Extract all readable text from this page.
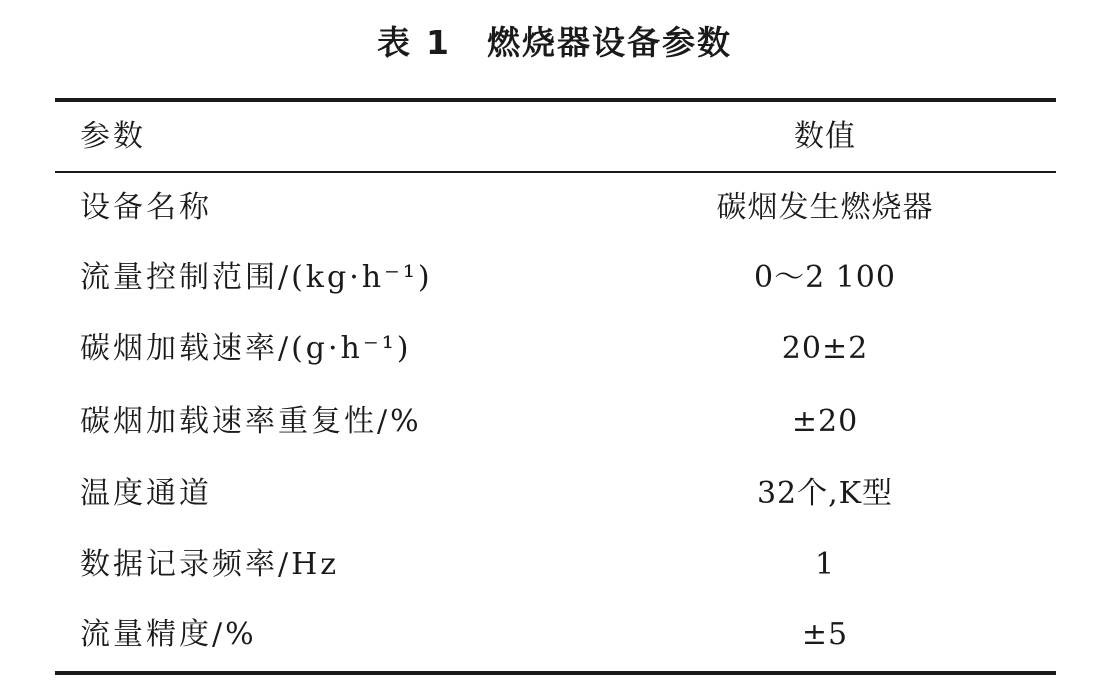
表 1 燃烧器设备参数
参数	数值
设备名称	碳烟发生燃烧器
流量控制范围/(kg·h⁻¹)	0～2 100
碳烟加载速率/(g·h⁻¹)	20±2
碳烟加载速率重复性/%	±20
温度通道	32个,K型
数据记录频率/Hz	1
流量精度/%	±5
